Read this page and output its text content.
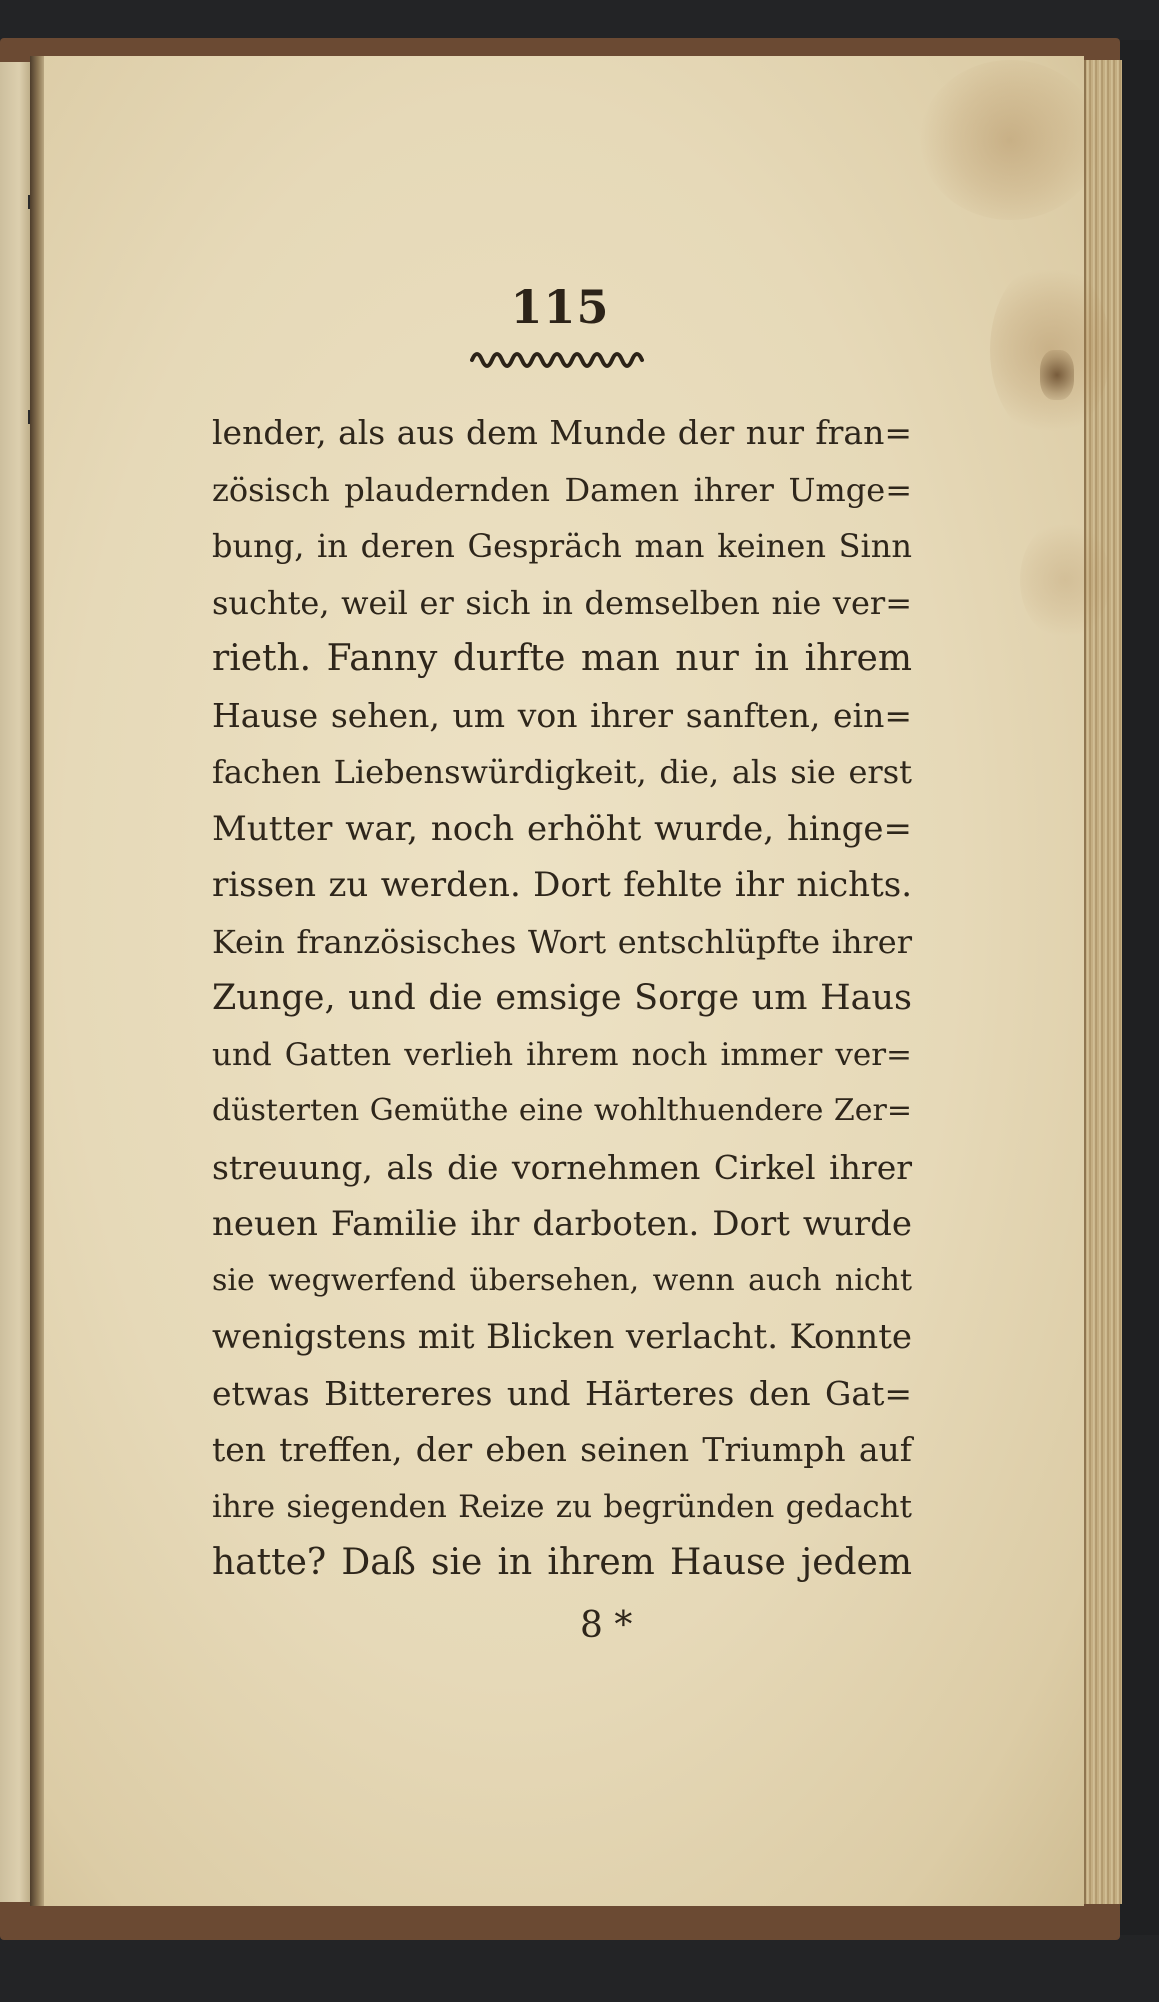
115
lender, als aus dem Munde der nur fran=
zösisch plaudernden Damen ihrer Umge=
bung, in deren Gespräch man keinen Sinn
suchte, weil er sich in demselben nie ver=
rieth. Fanny durfte man nur in ihrem
Hause sehen, um von ihrer sanften, ein=
fachen Liebenswürdigkeit, die, als sie erst
Mutter war, noch erhöht wurde, hinge=
rissen zu werden. Dort fehlte ihr nichts.
Kein französisches Wort entschlüpfte ihrer
Zunge, und die emsige Sorge um Haus
und Gatten verlieh ihrem noch immer ver=
düsterten Gemüthe eine wohlthuendere Zer=
streuung, als die vornehmen Cirkel ihrer
neuen Familie ihr darboten. Dort wurde
sie wegwerfend übersehen, wenn auch nicht
wenigstens mit Blicken verlacht. Konnte
etwas Bittereres und Härteres den Gat=
ten treffen, der eben seinen Triumph auf
ihre siegenden Reize zu begründen gedacht
hatte? Daß sie in ihrem Hause jedem
8 *
